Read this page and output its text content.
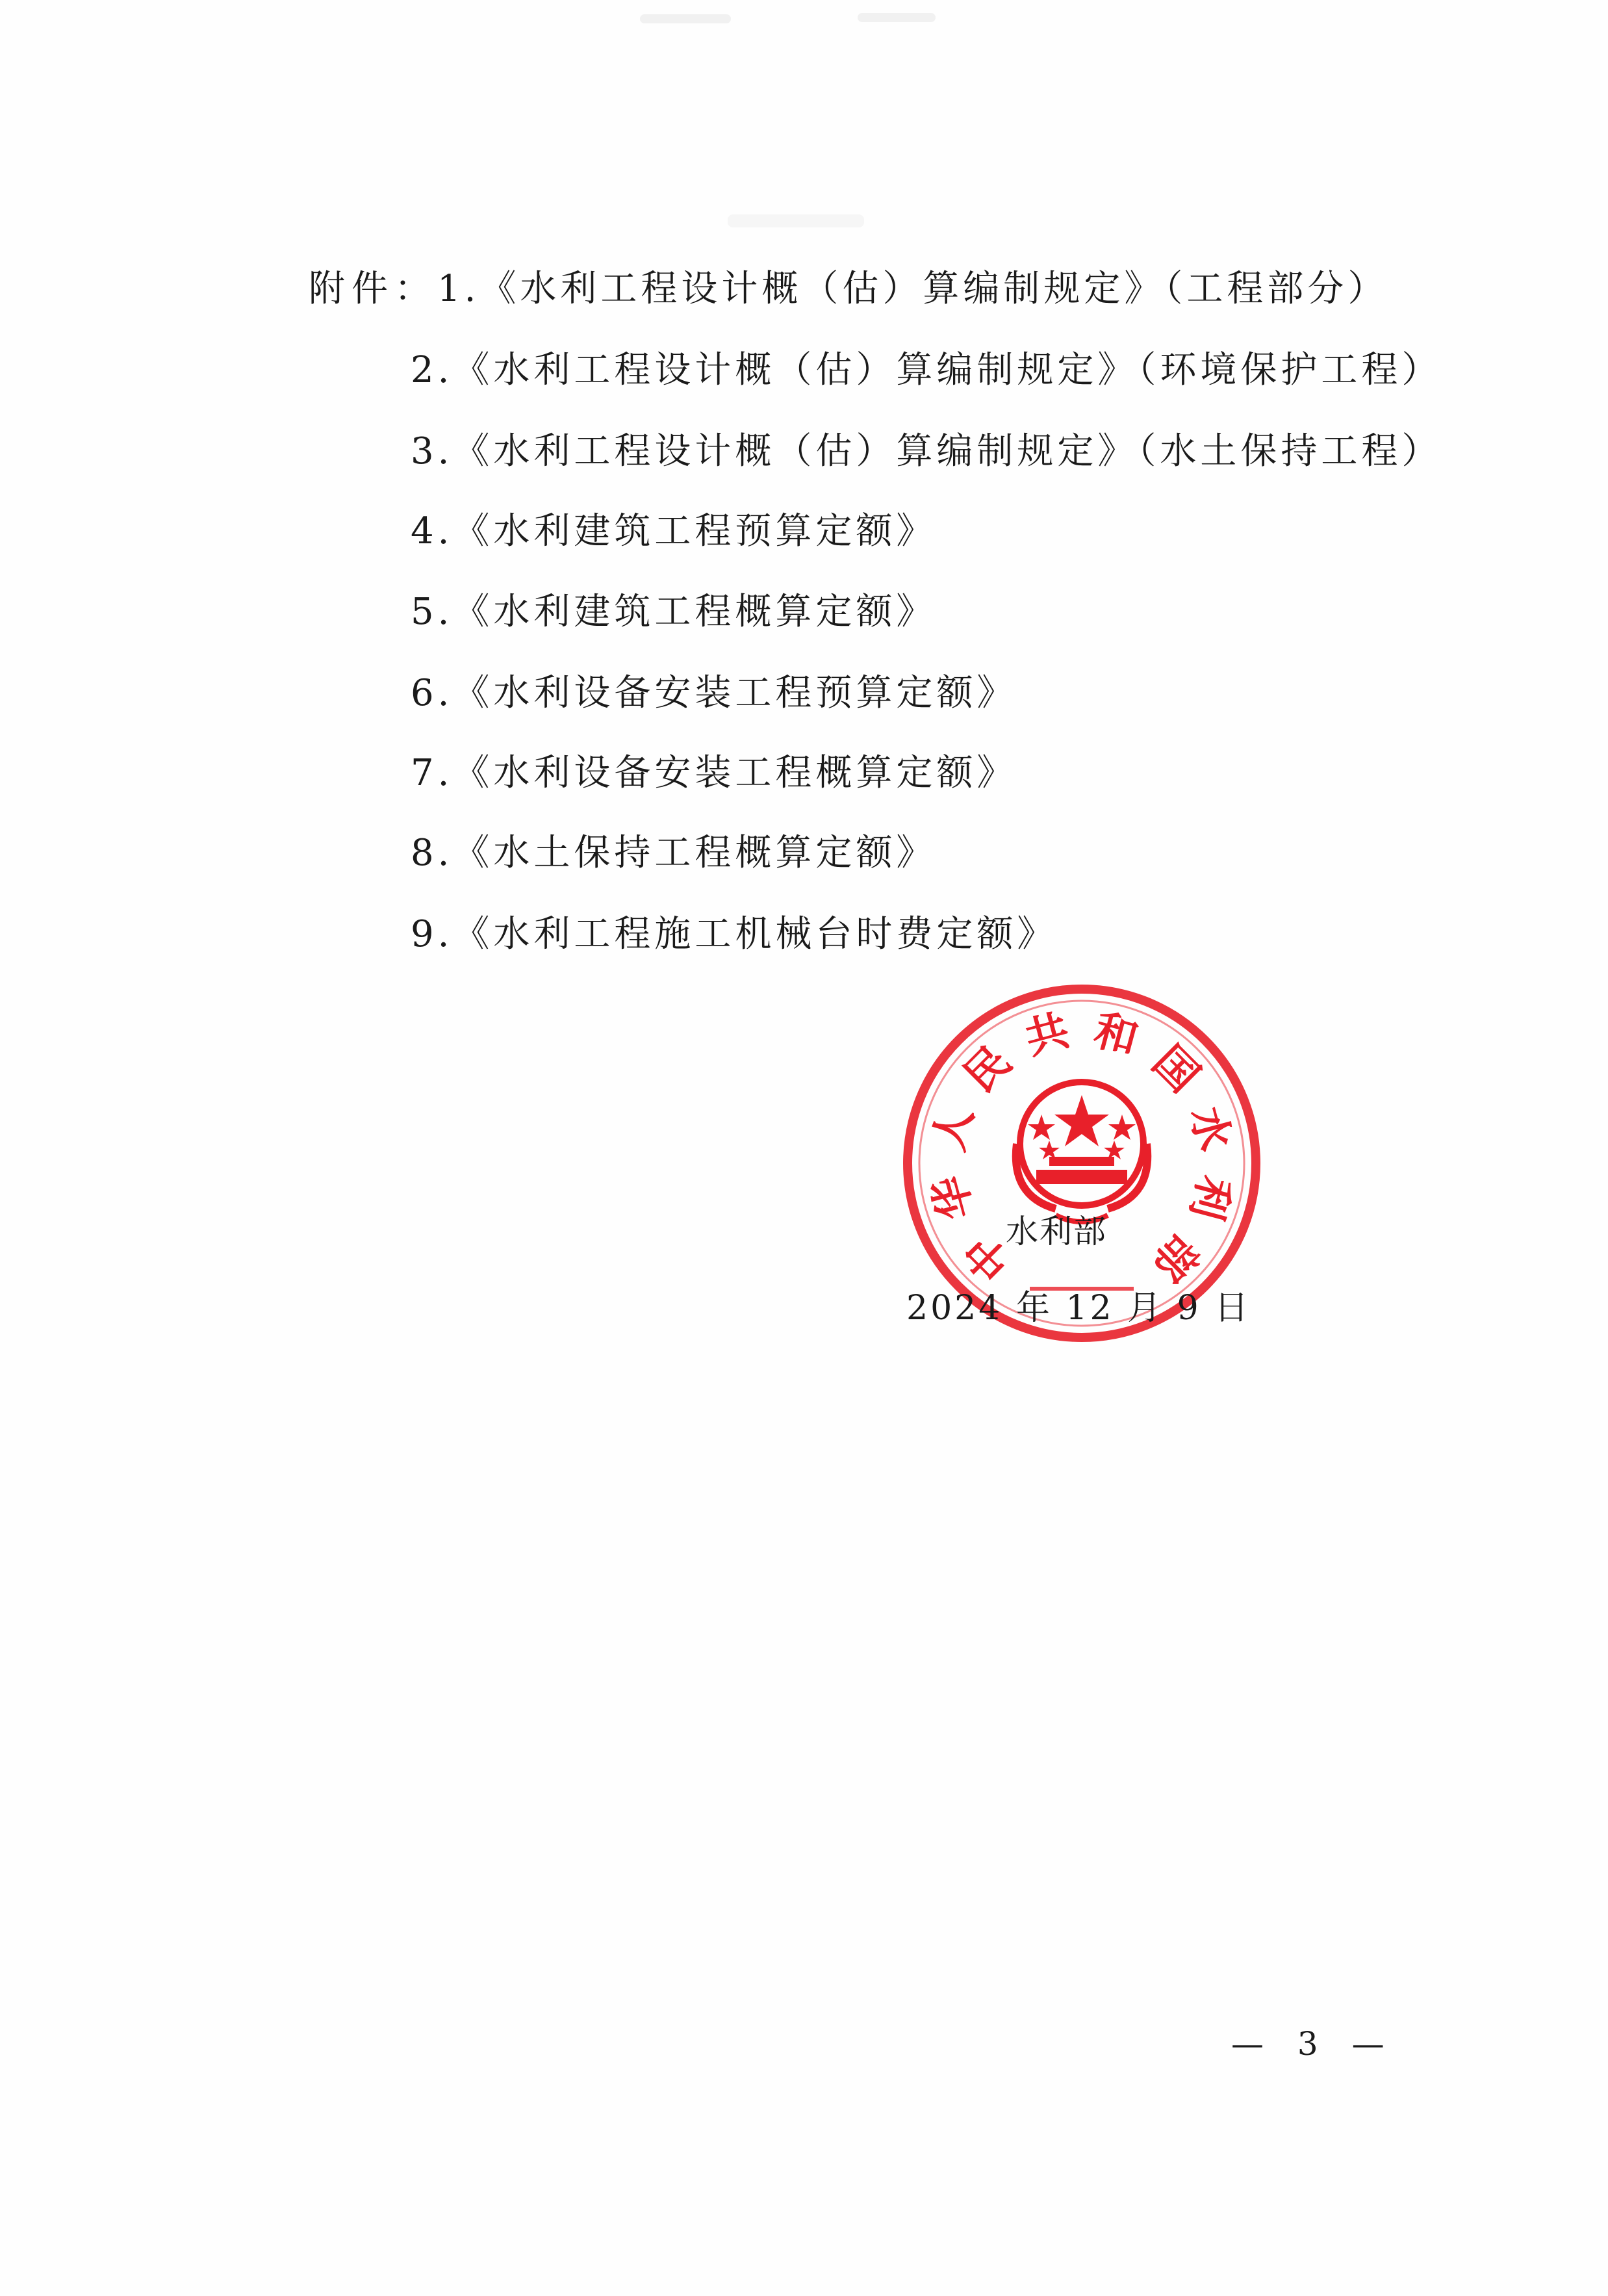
附件：1.《水利工程设计概（估）算编制规定》（工程部分）
2.《水利工程设计概（估）算编制规定》（环境保护工程）
3.《水利工程设计概（估）算编制规定》（水土保持工程）
4.《水利建筑工程预算定额》
5.《水利建筑工程概算定额》
6.《水利设备安装工程预算定额》
7.《水利设备安装工程概算定额》
8.《水土保持工程概算定额》
9.《水利工程施工机械台时费定额》
中
华
人
民
共 和
国
水
利
部
水利部
2024 年 12 月 9 日
— 3 —
